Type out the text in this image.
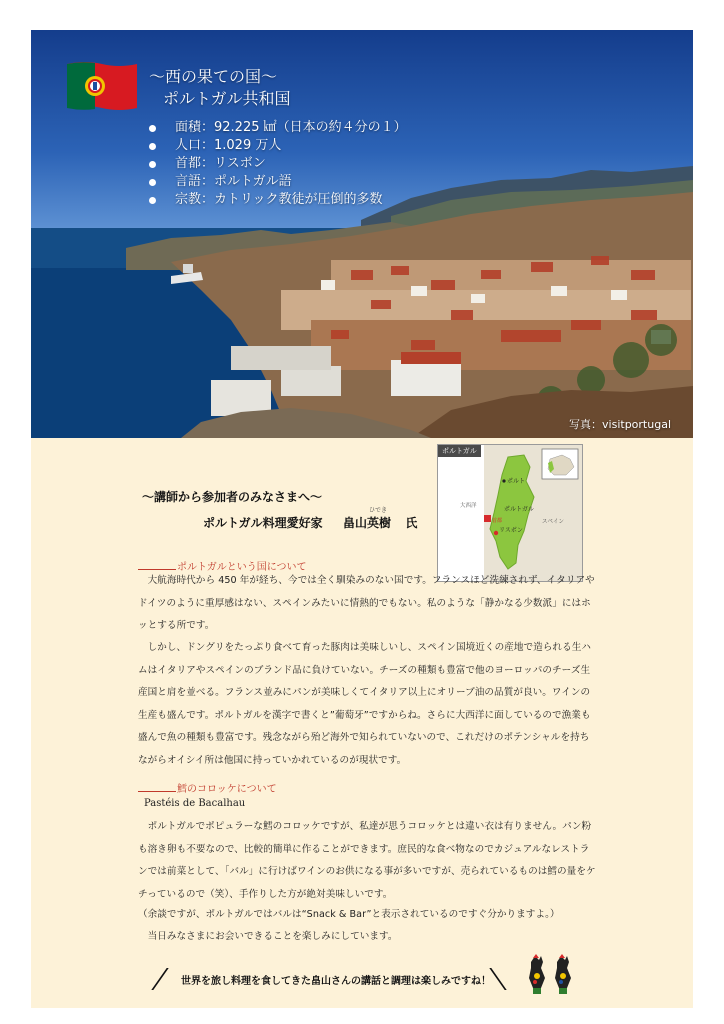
～西の果ての国～
ポルトガル共和国
面積：92.225 ㎢（日本の約４分の１）
人口：1.029 万人
首都：リスボン
言語：ポルトガル語
宗教：カトリック教徒が圧倒的多数
写真：visitportugal
ポルト
ポルトガル
大西洋
スペイン
リスボン
首都
ポルトガル
～講師から参加者のみなさまへ～
ポルトガル料理愛好家
ひでき
畠山英樹 氏
ポルトガルという国について
大航海時代から 450 年が経ち、今では全く馴染みのない国です。フランスほど洗練されず、イタリアやドイツのように重厚感はない、スペインみたいに情熱的でもない。私のような「静かなる少数派」にはホッとする所です。
しかし、ドングリをたっぷり食べて育った豚肉は美味しいし、スペイン国境近くの産地で造られる生ハムはイタリアやスペインのブランド品に負けていない。チーズの種類も豊富で他のヨーロッパのチーズ生産国と肩を並べる。フランス並みにパンが美味しくてイタリア以上にオリーブ油の品質が良い。ワインの生産も盛んです。ポルトガルを漢字で書くと”葡萄牙”ですからね。さらに大西洋に面しているので漁業も盛んで魚の種類も豊富です。残念ながら殆ど海外で知られていないので、これだけのポテンシャルを持ちながらオイシイ所は他国に持っていかれているのが現状です。
鱈のコロッケについて
Pastéis de Bacalhau
ポルトガルでポピュラーな鱈のコロッケですが、私達が思うコロッケとは違い衣は有りません。パン粉も溶き卵も不要なので、比較的簡単に作ることができます。庶民的な食べ物なのでカジュアルなレストランでは前菜として、「バル」に行けばワインのお供になる事が多いですが、売られているものは鱈の量をケチっているので（笑）、手作りした方が絶対美味しいです。
（余談ですが、ポルトガルではバルは“Snack & Bar”と表示されているのですぐ分かりますよ。）
当日みなさまにお会いできることを楽しみにしています。
世界を旅し料理を食してきた畠山さんの講話と調理は楽しみですね！
